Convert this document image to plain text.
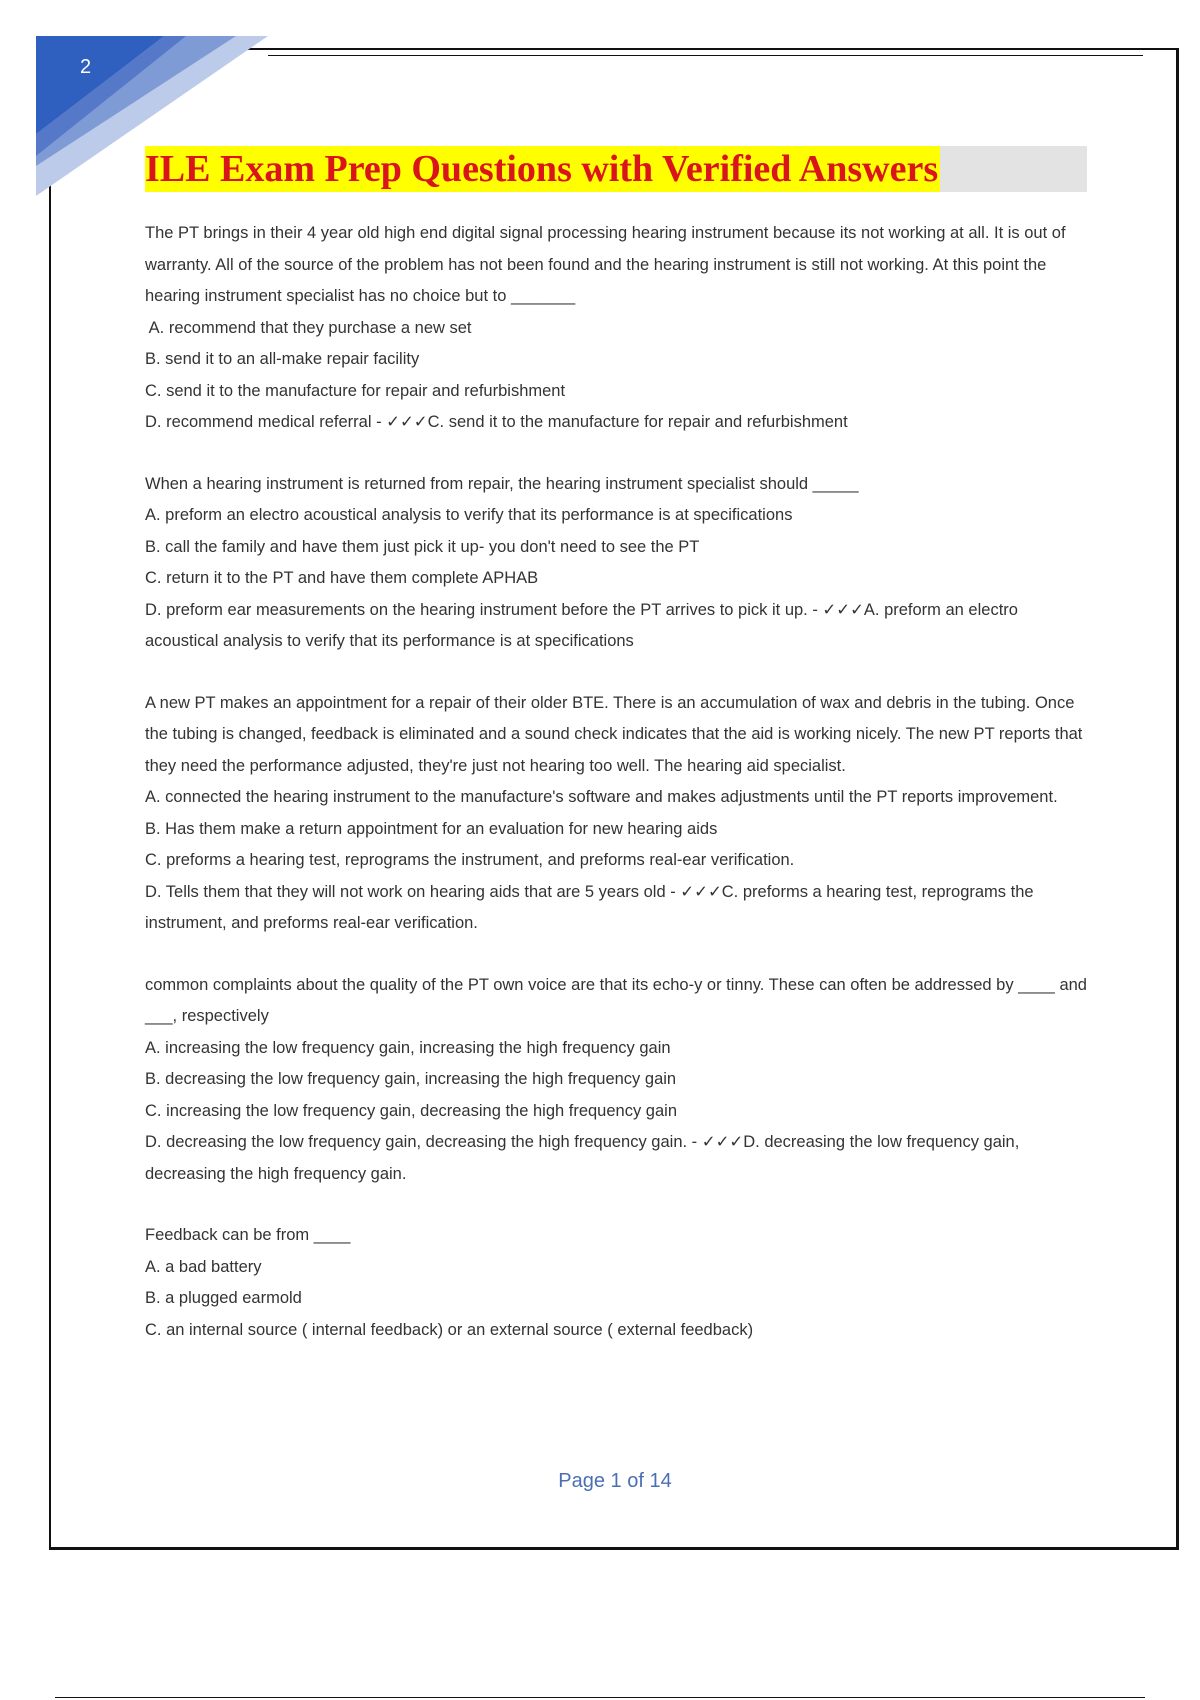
2
ILE Exam Prep Questions with Verified Answers

The PT brings in their 4 year old high end digital signal processing hearing instrument because its not working at all. It is out of warranty. All of the source of the problem has not been found and the hearing instrument is still not working. At this point the hearing instrument specialist has no choice but to _______

A. recommend that they purchase a new set

B. send it to an all-make repair facility

C. send it to the manufacture for repair and refurbishment

D. recommend medical referral - ✓✓✓C. send it to the manufacture for repair and refurbishment

When a hearing instrument is returned from repair, the hearing instrument specialist should _____

A. preform an electro acoustical analysis to verify that its performance is at specifications

B. call the family and have them just pick it up- you don't need to see the PT

C. return it to the PT and have them complete APHAB

D. preform ear measurements on the hearing instrument before the PT arrives to pick it up. - ✓✓✓A. preform an electro acoustical analysis to verify that its performance is at specifications

A new PT makes an appointment for a repair of their older BTE. There is an accumulation of wax and debris in the tubing. Once the tubing is changed, feedback is eliminated and a sound check indicates that the aid is working nicely. The new PT reports that they need the performance adjusted, they're just not hearing too well. The hearing aid specialist.

A. connected the hearing instrument to the manufacture's software and makes adjustments until the PT reports improvement.

B. Has them make a return appointment for an evaluation for new hearing aids

C. preforms a hearing test, reprograms the instrument, and preforms real-ear verification.

D. Tells them that they will not work on hearing aids that are 5 years old - ✓✓✓C. preforms a hearing test, reprograms the instrument, and preforms real-ear verification.

common complaints about the quality of the PT own voice are that its echo-y or tinny. These can often be addressed by ____ and ___, respectively

A. increasing the low frequency gain, increasing the high frequency gain

B. decreasing the low frequency gain, increasing the high frequency gain

C. increasing the low frequency gain, decreasing the high frequency gain

D. decreasing the low frequency gain, decreasing the high frequency gain. - ✓✓✓D. decreasing the low frequency gain, decreasing the high frequency gain.

Feedback can be from ____

A. a bad battery

B. a plugged earmold

C. an internal source ( internal feedback) or an external source ( external feedback)

Page 1 of 14
